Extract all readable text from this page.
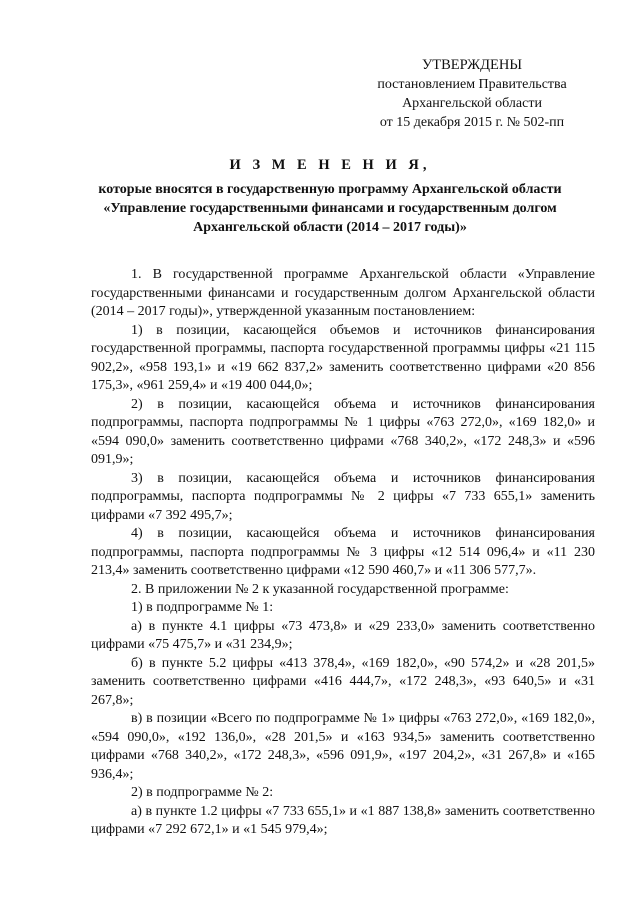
УТВЕРЖДЕНЫ
постановлением Правительства
Архангельской области
от 15 декабря 2015 г. № 502-пп
И З М Е Н Е Н И Я,
которые вносятся в государственную программу Архангельской области
«Управление государственными финансами и государственным долгом
Архангельской области (2014 – 2017 годы)»

1. В государственной программе Архангельской области «Управление государственными финансами и государственным долгом Архангельской области (2014 – 2017 годы)», утвержденной указанным постановлением:

1) в позиции, касающейся объемов и источников финансирования государственной программы, паспорта государственной программы цифры «21 115 902,2», «958 193,1» и «19 662 837,2» заменить соответственно цифрами «20 856 175,3», «961 259,4» и «19 400 044,0»;

2) в позиции, касающейся объема и источников финансирования подпрограммы, паспорта подпрограммы № 1 цифры «763 272,0», «169 182,0» и «594 090,0» заменить соответственно цифрами «768 340,2», «172 248,3» и «596 091,9»;

3) в позиции, касающейся объема и источников финансирования подпрограммы, паспорта подпрограммы № 2 цифры «7 733 655,1» заменить цифрами «7 392 495,7»;

4) в позиции, касающейся объема и источников финансирования подпрограммы, паспорта подпрограммы № 3 цифры «12 514 096,4» и «11 230 213,4» заменить соответственно цифрами «12 590 460,7» и «11 306 577,7».

2. В приложении № 2 к указанной государственной программе:

1) в подпрограмме № 1:

а) в пункте 4.1 цифры «73 473,8» и «29 233,0» заменить соответственно цифрами «75 475,7» и «31 234,9»;

б) в пункте 5.2 цифры «413 378,4», «169 182,0», «90 574,2» и «28 201,5» заменить соответственно цифрами «416 444,7», «172 248,3», «93 640,5» и «31 267,8»;

в) в позиции «Всего по подпрограмме № 1» цифры «763 272,0», «169 182,0», «594 090,0», «192 136,0», «28 201,5» и «163 934,5» заменить соответственно цифрами «768 340,2», «172 248,3», «596 091,9», «197 204,2», «31 267,8» и «165 936,4»;

2) в подпрограмме № 2:

а) в пункте 1.2 цифры «7 733 655,1» и «1 887 138,8» заменить соответственно цифрами «7 292 672,1» и «1 545 979,4»;
